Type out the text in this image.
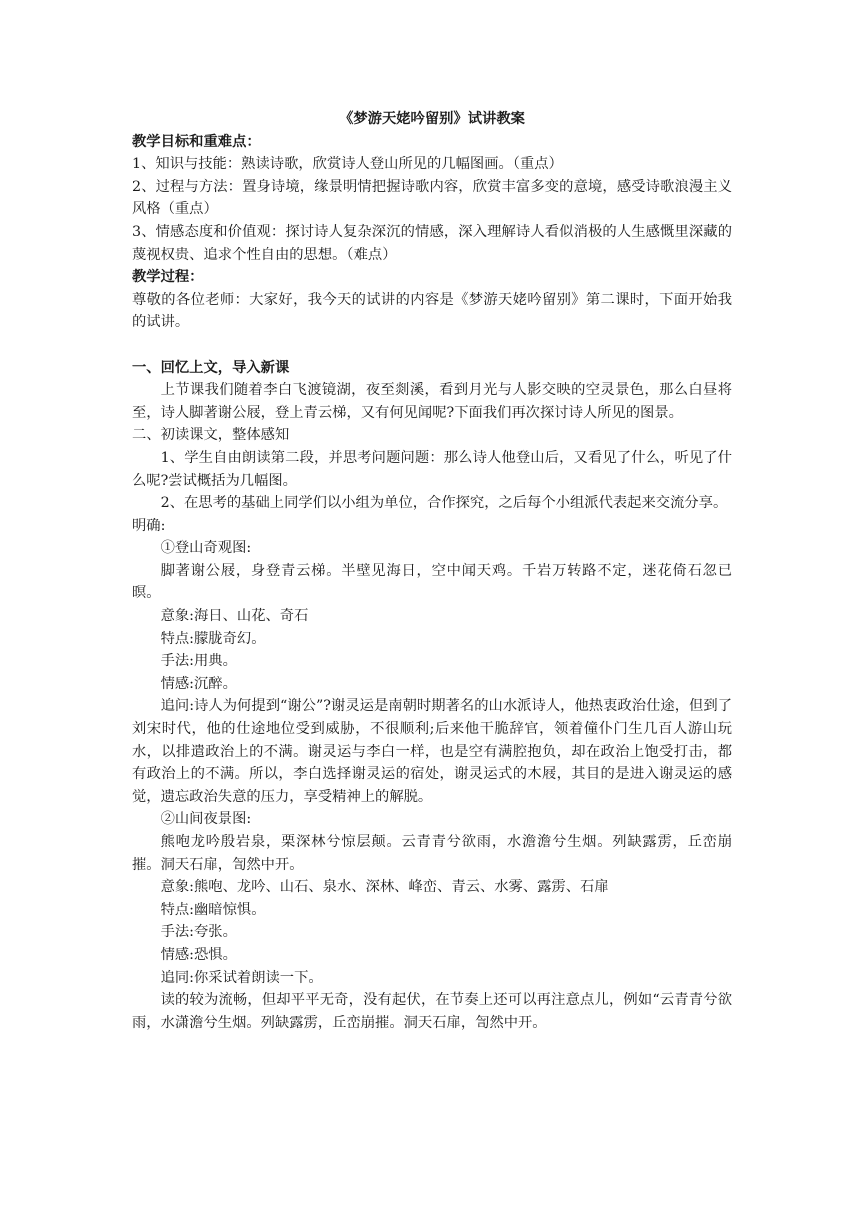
《梦游天姥吟留别》试讲教案

教学目标和重难点：

1、知识与技能：熟读诗歌，欣赏诗人登山所见的几幅图画。（重点）

2、过程与方法：置身诗境，缘景明情把握诗歌内容，欣赏丰富多变的意境，感受诗歌浪漫主义风格（重点）

3、情感态度和价值观：探讨诗人复杂深沉的情感，深入理解诗人看似消极的人生感慨里深藏的蔑视权贵、追求个性自由的思想。（难点）

教学过程：

尊敬的各位老师：大家好，我今天的试讲的内容是《梦游天姥吟留别》第二课时，下面开始我的试讲。

一、回忆上文，导入新课

上节课我们随着李白飞渡镜湖，夜至剡溪，看到月光与人影交映的空灵景色，那么白昼将至，诗人脚著谢公屐，登上青云梯，又有何见闻呢?下面我们再次探讨诗人所见的图景。

二、初读课文，整体感知

1、学生自由朗读第二段，并思考问题问题：那么诗人他登山后，又看见了什么，听见了什么呢?尝试概括为几幅图。

2、在思考的基础上同学们以小组为单位，合作探究，之后每个小组派代表起来交流分享。

明确:

①登山奇观图:

脚著谢公屐，身登青云梯。半壁见海日，空中闻天鸡。千岩万转路不定，迷花倚石忽已暝。

意象:海日、山花、奇石

特点:朦胧奇幻。

手法:用典。

情感:沉醉。

追问:诗人为何提到“谢公”?谢灵运是南朝时期著名的山水派诗人，他热衷政治仕途，但到了刘宋时代，他的仕途地位受到威胁，不很顺利;后来他干脆辞官，领着僮仆门生几百人游山玩水，以排遣政治上的不满。谢灵运与李白一样，也是空有满腔抱负，却在政治上饱受打击，都有政治上的不满。所以，李白选择谢灵运的宿处，谢灵运式的木屐，其目的是进入谢灵运的感觉，遗忘政治失意的压力，享受精神上的解脱。

②山间夜景图:

熊咆龙吟殷岩泉，栗深林兮惊层颠。云青青兮欲雨，水澹澹兮生烟。列缺露雳，丘峦崩摧。洞天石扉，訇然中开。

意象:熊咆、龙吟、山石、泉水、深林、峰峦、青云、水雾、露雳、石扉

特点:幽暗惊惧。

手法:夸张。

情感:恐惧。

追同:你采试着朗读一下。

读的较为流畅，但却平平无奇，没有起伏，在节奏上还可以再注意点儿，例如“云青青兮欲雨，水潇澹兮生烟。列缺露雳，丘峦崩摧。洞天石扉，訇然中开。
